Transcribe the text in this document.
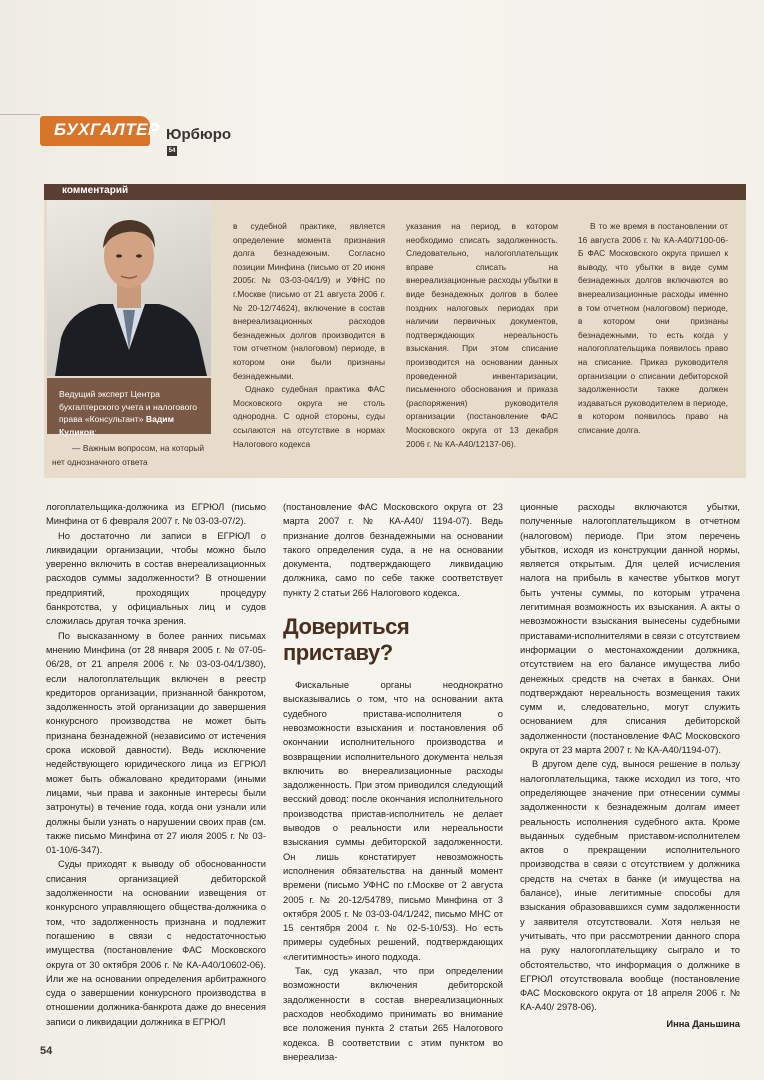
БУХГАЛТЕР Юрбюро
54
комментарий
Ведущий эксперт Центра бухгалтерского учета и налогового права «Консультант» Вадим Куликов:

— Важным вопросом, на который нет однозначного ответа

в судебной практике, является определение момента признания долга безнадежным. Согласно позиции Минфина (письмо от 20 июня 2005г. № 03-03-04/1/9) и УФНС по г.Москве (письмо от 21 августа 2006 г. № 20-12/74624), включение в состав внереализационных расходов безнадежных долгов производится в том отчетном (налоговом) периоде, в котором они были признаны безнадежными.

Однако судебная практика ФАС Московского округа не столь однородна. С одной стороны, суды ссылаются на отсутствие в нормах Налогового кодекса

указания на период, в котором необходимо списать задолженность. Следовательно, налогоплательщик вправе списать на внереализационные расходы убытки в виде безнадежных долгов в более поздних налоговых периодах при наличии первичных документов, подтверждающих нереальность взыскания. При этом списание производится на основании данных проведенной инвентаризации, письменного обоснования и приказа (распоряжения) руководителя организации (постановление ФАС Московского округа от 13 декабря 2006 г. № КА-А40/12137-06).

В то же время в постановлении от 16 августа 2006 г. № КА-А40/7100-06-Б ФАС Московского округа пришел к выводу, что убытки в виде сумм безнадежных долгов включаются во внереализационные расходы именно в том отчетном (налоговом) периоде, в котором они признаны безнадежными, то есть когда у налогоплательщика появилось право на списание. Приказ руководителя организации о списании дебиторской задолженности также должен издаваться руководителем в периоде, в котором появилось право на списание долга.

логоплательщика-должника из ЕГРЮЛ (письмо Минфина от 6 февраля 2007 г. № 03-03-07/2).

Но достаточно ли записи в ЕГРЮЛ о ликвидации организации, чтобы можно было уверенно включить в состав внереализационных расходов суммы задолженности? В отношении предприятий, проходящих процедуру банкротства, у официальных лиц и судов сложилась другая точка зрения.

По высказанному в более ранних письмах мнению Минфина (от 28 января 2005 г. № 07-05-06/28, от 21 апреля 2006 г. № 03-03-04/1/380), если налогоплательщик включен в реестр кредиторов организации, признанной банкротом, задолженность этой организации до завершения конкурсного производства не может быть признана безнадежной (независимо от истечения срока исковой давности). Ведь исключение недействующего юридического лица из ЕГРЮЛ может быть обжаловано кредиторами (иными лицами, чьи права и законные интересы были затронуты) в течение года, когда они узнали или должны были узнать о нарушении своих прав (см. также письмо Минфина от 27 июля 2005 г. № 03-01-10/6-347).

Суды приходят к выводу об обоснованности списания организацией дебиторской задолженности на основании извещения от конкурсного управляющего общества-должника о том, что задолженность признана и подлежит погашению в связи с недостаточностью имущества (постановление ФАС Московского округа от 30 октября 2006 г. № КА-А40/10602-06). Или же на основании определения арбитражного суда о завершении конкурсного производства в отношении должника-банкрота даже до внесения записи о ликвидации должника в ЕГРЮЛ

(постановление ФАС Московского округа от 23 марта 2007 г. № КА-А40/ 1194-07). Ведь признание долгов безнадежными на основании такого определения суда, а не на основании документа, подтверждающего ликвидацию должника, само по себе также соответствует пункту 2 статьи 266 Налогового кодекса.

Довериться приставу?

Фискальные органы неоднократно высказывались о том, что на основании акта судебного пристава-исполнителя о невозможности взыскания и постановления об окончании исполнительного производства и возвращении исполнительного документа нельзя включить во внереализационные расходы задолженность. При этом приводился следующий весский довод: после окончания исполнительного производства пристав-исполнитель не делает выводов о реальности или нереальности взыскания суммы дебиторской задолженности. Он лишь констатирует невозможность исполнения обязательства на данный момент времени (письмо УФНС по г.Москве от 2 августа 2005 г. № 20-12/54789, письмо Минфина от 3 октября 2005 г. № 03-03-04/1/242, письмо МНС от 15 сентября 2004 г. № 02-5-10/53). Но есть примеры судебных решений, подтверждающих «легитимность» иного подхода.

Так, суд указал, что при определении возможности включения дебиторской задолженности в состав внереализационных расходов необходимо принимать во внимание все положения пункта 2 статьи 265 Налогового кодекса. В соответствии с этим пунктом во внереализа-

ционные расходы включаются убытки, полученные налогоплательщиком в отчетном (налоговом) периоде. При этом перечень убытков, исходя из конструкции данной нормы, является открытым. Для целей исчисления налога на прибыль в качестве убытков могут быть учтены суммы, по которым утрачена легитимная возможность их взыскания. А акты о невозможности взыскания вынесены судебными приставами-исполнителями в связи с отсутствием информации о местонахождении должника, отсутствием на его балансе имущества либо денежных средств на счетах в банках. Они подтверждают нереальность возмещения таких сумм и, следовательно, могут служить основанием для списания дебиторской задолженности (постановление ФАС Московского округа от 23 марта 2007 г. № КА-А40/1194-07).

В другом деле суд, вынося решение в пользу налогоплательщика, также исходил из того, что определяющее значение при отнесении суммы задолженности к безнадежным долгам имеет реальность исполнения судебного акта. Кроме выданных судебным приставом-исполнителем актов о прекращении исполнительного производства в связи с отсутствием у должника средств на счетах в банке (и имущества на балансе), иные легитимные способы для взыскания образовавшихся сумм задолженности у заявителя отсутствовали. Хотя нельзя не учитывать, что при рассмотрении данного спора на руку налогоплательщику сыграло и то обстоятельство, что информация о должнике в ЕГРЮЛ отсутствовала вообще (постановление ФАС Московского округа от 18 апреля 2006 г. № КА-А40/ 2978-06).

Инна Даньшина
54
